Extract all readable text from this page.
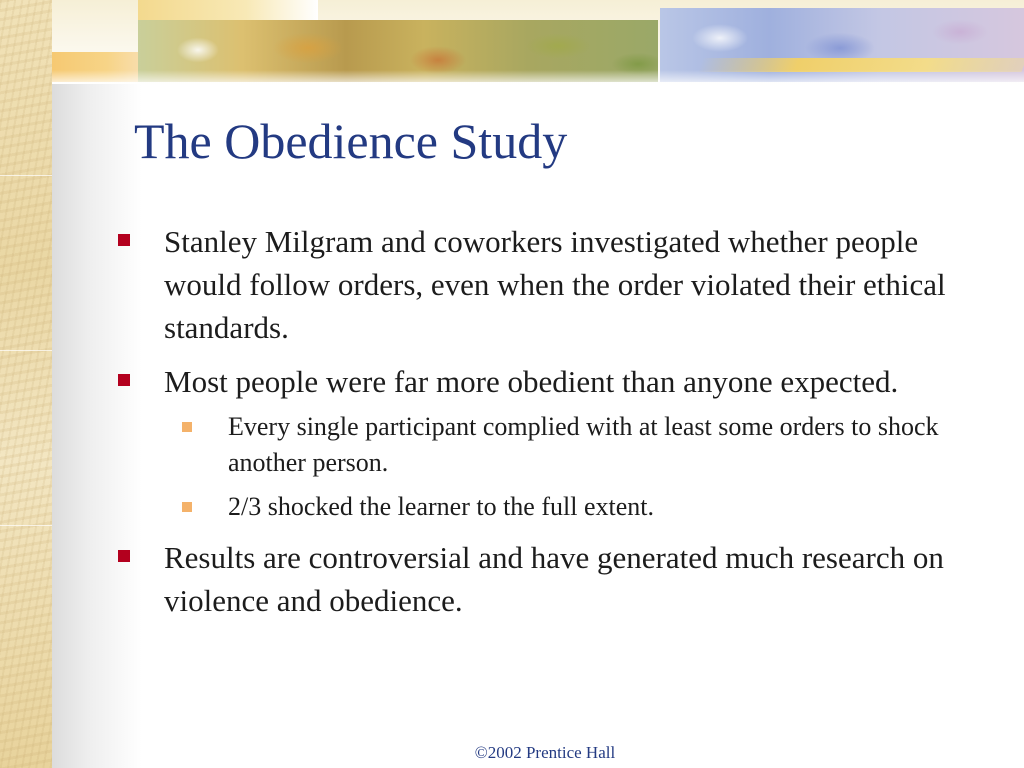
The Obedience Study
Stanley Milgram and coworkers investigated whether people would follow orders, even when the order violated their ethical standards.
Most people were far more obedient than anyone expected.
Every single participant complied with at least some orders to shock another person.
2/3 shocked the learner to the full extent.
Results are controversial and have generated much research on violence and obedience.
©2002 Prentice Hall
